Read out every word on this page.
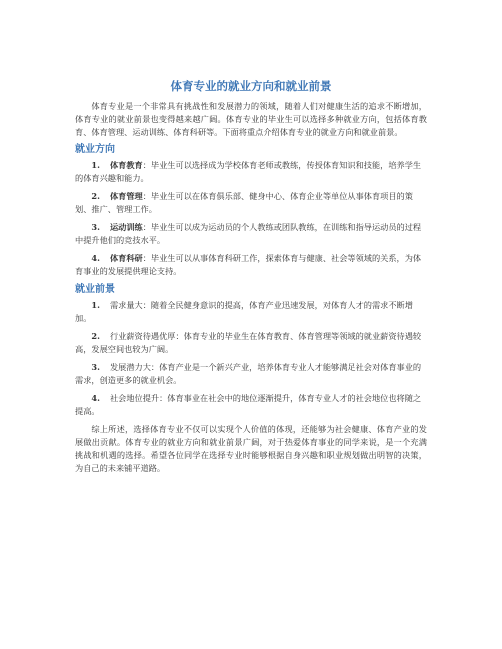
体育专业的就业方向和就业前景

体育专业是一个非常具有挑战性和发展潜力的领域，随着人们对健康生活的追求不断增加，体育专业的就业前景也变得越来越广阔。体育专业的毕业生可以选择多种就业方向，包括体育教育、体育管理、运动训练、体育科研等。下面将重点介绍体育专业的就业方向和就业前景。

就业方向
1. 体育教育：毕业生可以选择成为学校体育老师或教练，传授体育知识和技能，培养学生的体育兴趣和能力。
2. 体育管理：毕业生可以在体育俱乐部、健身中心、体育企业等单位从事体育项目的策划、推广、管理工作。
3. 运动训练：毕业生可以成为运动员的个人教练或团队教练，在训练和指导运动员的过程中提升他们的竞技水平。
4. 体育科研：毕业生可以从事体育科研工作，探索体育与健康、社会等领域的关系，为体育事业的发展提供理论支持。
就业前景
1. 需求量大：随着全民健身意识的提高，体育产业迅速发展，对体育人才的需求不断增加。
2. 行业薪资待遇优厚：体育专业的毕业生在体育教育、体育管理等领域的就业薪资待遇较高，发展空间也较为广阔。
3. 发展潜力大：体育产业是一个新兴产业，培养体育专业人才能够满足社会对体育事业的需求，创造更多的就业机会。
4. 社会地位提升：体育事业在社会中的地位逐渐提升，体育专业人才的社会地位也将随之提高。

综上所述，选择体育专业不仅可以实现个人价值的体现，还能够为社会健康、体育产业的发展做出贡献。体育专业的就业方向和就业前景广阔，对于热爱体育事业的同学来说，是一个充满挑战和机遇的选择。希望各位同学在选择专业时能够根据自身兴趣和职业规划做出明智的决策，为自己的未来铺平道路。
